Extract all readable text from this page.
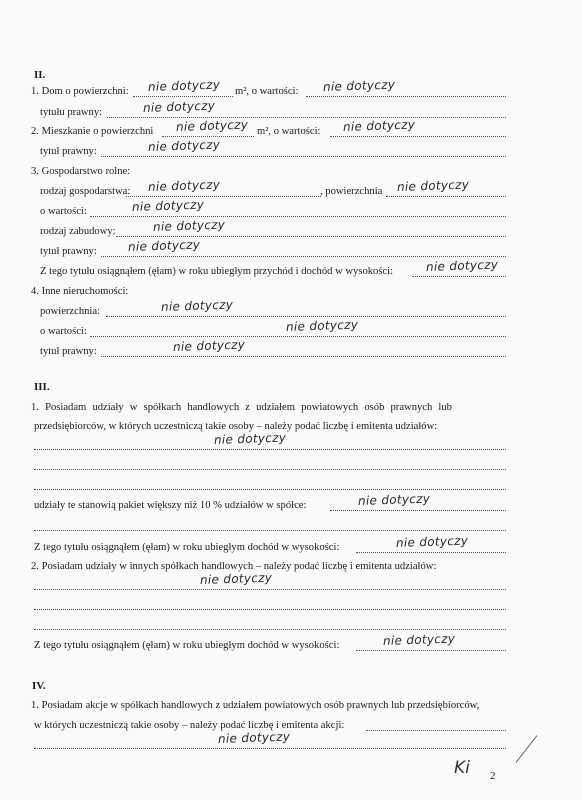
II.
1. Dom o powierzchni: nie dotyczy m², o wartości: nie dotyczy
tytułu prawny:	nie dotyczy
2. Mieszkanie o powierzchni nie dotyczy m², o wartości: nie dotyczy
tytuł prawny:	nie dotyczy
3. Gospodarstwo rolne:
rodzaj gospodarstwa: nie dotyczy	, powierzchnia nie dotyczy
o wartości:	nie dotyczy
rodzaj zabudowy:	nie dotyczy
tytuł prawny:	nie dotyczy
Z tego tytułu osiągnąłem (ęłam) w roku ubiegłym przychód i dochód w wysokości:	nie dotyczy
4. Inne nieruchomości:
powierzchnia:	nie dotyczy
o wartości:	nie dotyczy
tytuł prawny:	nie dotyczy
III.
1. Posiadam udziały w spółkach handlowych z udziałem powiatowych osób prawnych lub
przedsiębiorców, w których uczestniczą takie osoby – należy podać liczbę i emitenta udziałów:
nie dotyczy
udziały te stanowią pakiet większy niż 10 % udziałów w spółce:	nie dotyczy
Z tego tytułu osiągnąłem (ęłam) w roku ubiegłym dochód w wysokości:	nie dotyczy
2. Posiadam udziały w innych spółkach handlowych – należy podać liczbę i emitenta udziałów:
nie dotyczy
Z tego tytułu osiągnąłem (ęłam) w roku ubiegłym dochód w wysokości:	nie dotyczy
IV.
1. Posiadam akcje w spółkach handlowych z udziałem powiatowych osób prawnych lub przedsiębiorców,
w których uczestniczą takie osoby – należy podać liczbę i emitenta akcji:
nie dotyczy
Ki 2
